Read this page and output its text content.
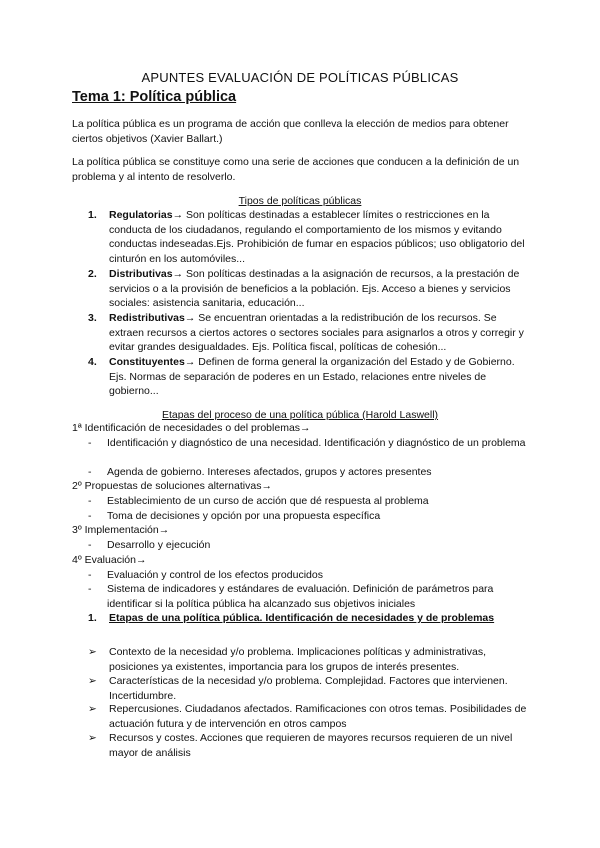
APUNTES EVALUACIÓN DE POLÍTICAS PÚBLICAS
Tema 1: Política pública
La política pública es un programa de acción que conlleva la elección de medios para obtener ciertos objetivos (Xavier Ballart.)
La política pública se constituye como una serie de acciones que conducen a la definición de un problema y al intento de resolverlo.
Tipos de políticas públicas
1. Regulatorias→ Son políticas destinadas a establecer límites o restricciones en la conducta de los ciudadanos, regulando el comportamiento de los mismos y evitando conductas indeseadas.Ejs. Prohibición de fumar en espacios públicos; uso obligatorio del cinturón en los automóviles...
2. Distributivas→ Son políticas destinadas a la asignación de recursos, a la prestación de servicios o a la provisión de beneficios a la población. Ejs. Acceso a bienes y servicios sociales: asistencia sanitaria, educación...
3. Redistributivas→ Se encuentran orientadas a la redistribución de los recursos. Se extraen recursos a ciertos actores o sectores sociales para asignarlos a otros y corregir y evitar grandes desigualdades. Ejs. Política fiscal, políticas de cohesión...
4. Constituyentes→ Definen de forma general la organización del Estado y de Gobierno. Ejs. Normas de separación de poderes en un Estado, relaciones entre niveles de gobierno...
Etapas del proceso de una política pública (Harold Laswell)
1ª Identificación de necesidades o del problemas→
- Identificación y diagnóstico de una necesidad. Identificación y diagnóstico de un problema
- Agenda de gobierno. Intereses afectados, grupos y actores presentes
2º Propuestas de soluciones alternativas→
- Establecimiento de un curso de acción que dé respuesta al problema
- Toma de decisiones y opción por una propuesta específica
3º Implementación→
- Desarrollo y ejecución
4º Evaluación→
- Evaluación y control de los efectos producidos
- Sistema de indicadores y estándares de evaluación. Definición de parámetros para identificar si la política pública ha alcanzado sus objetivos iniciales
1. Etapas de una política pública. Identificación de necesidades y de problemas
➢ Contexto de la necesidad y/o problema. Implicaciones políticas y administrativas, posiciones ya existentes, importancia para los grupos de interés presentes.
➢ Características de la necesidad y/o problema. Complejidad. Factores que intervienen. Incertidumbre.
➢ Repercusiones. Ciudadanos afectados. Ramificaciones con otros temas. Posibilidades de actuación futura y de intervención en otros campos
➢ Recursos y costes. Acciones que requieren de mayores recursos requieren de un nivel mayor de análisis
